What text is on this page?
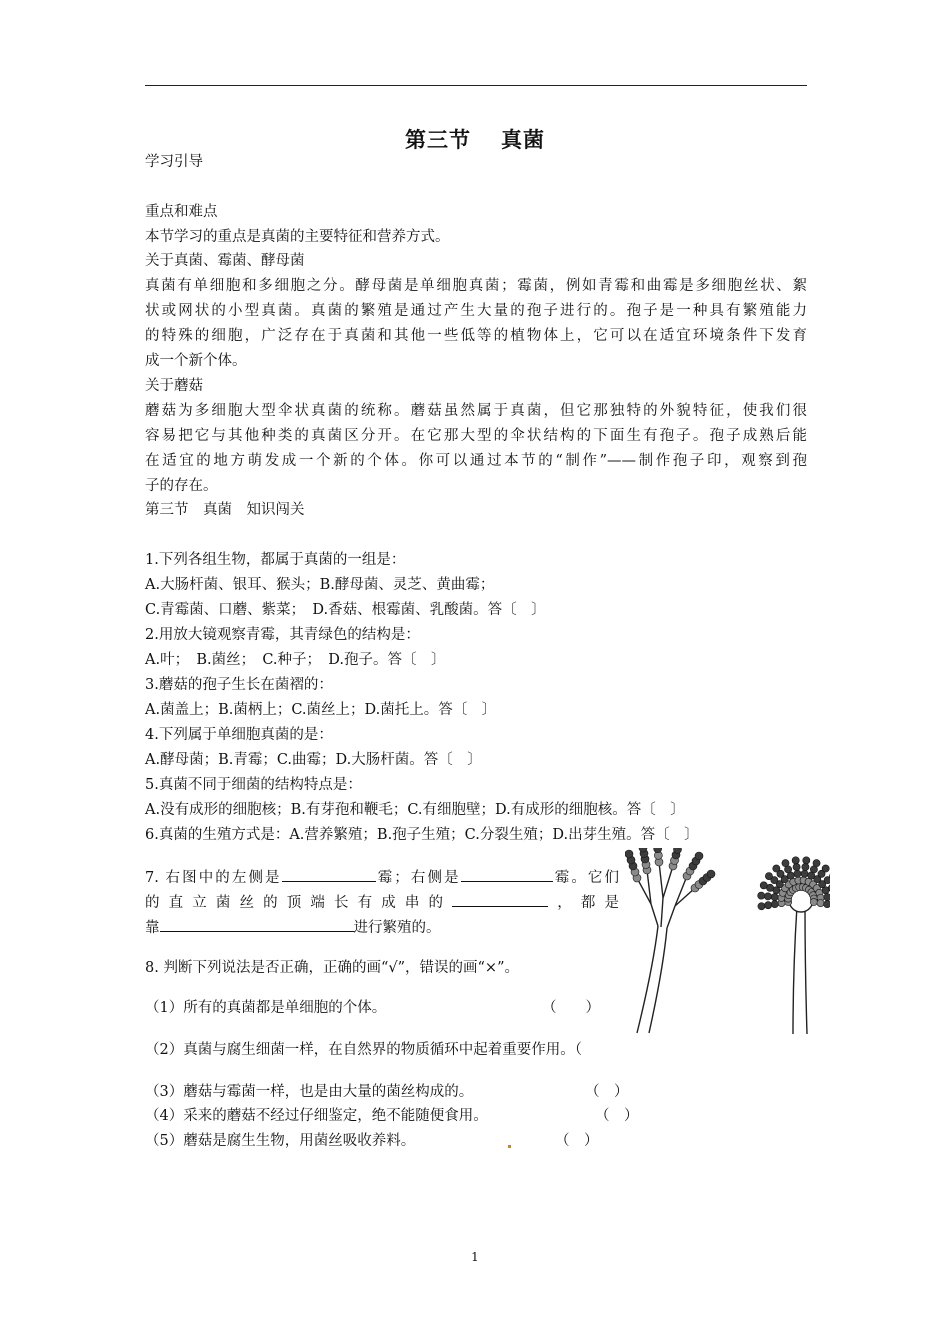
第三节 真菌
学习引导
重点和难点
本节学习的重点是真菌的主要特征和营养方式。
关于真菌、霉菌、酵母菌
真菌有单细胞和多细胞之分。酵母菌是单细胞真菌；霉菌，例如青霉和曲霉是多细胞丝状、絮
状或网状的小型真菌。真菌的繁殖是通过产生大量的孢子进行的。孢子是一种具有繁殖能力
的特殊的细胞，广泛存在于真菌和其他一些低等的植物体上，它可以在适宜环境条件下发育
成一个新个体。
关于蘑菇
蘑菇为多细胞大型伞状真菌的统称。蘑菇虽然属于真菌，但它那独特的外貌特征，使我们很
容易把它与其他种类的真菌区分开。在它那大型的伞状结构的下面生有孢子。孢子成熟后能
在适宜的地方萌发成一个新的个体。你可以通过本节的“制作”——制作孢子印，观察到孢
子的存在。
第三节　真菌　知识闯关
1.下列各组生物，都属于真菌的一组是：
A.大肠杆菌、银耳、猴头；B.酵母菌、灵芝、黄曲霉；
C.青霉菌、口蘑、紫菜；　D.香菇、根霉菌、乳酸菌。答〔　〕
2.用放大镜观察青霉，其青绿色的结构是：
A.叶；　B.菌丝；　C.种子；　D.孢子。答〔　〕
3.蘑菇的孢子生长在菌褶的：
A.菌盖上；B.菌柄上；C.菌丝上；D.菌托上。答〔　〕
4.下列属于单细胞真菌的是：
A.酵母菌；B.青霉；C.曲霉；D.大肠杆菌。答〔　〕
5.真菌不同于细菌的结构特点是：
A.没有成形的细胞核；B.有芽孢和鞭毛；C.有细胞壁；D.有成形的细胞核。答〔　〕
6.真菌的生殖方式是：A.营养繁殖；B.孢子生殖；C.分裂生殖；D.出芽生殖。答〔　〕
7. 右图中的左侧是	霉；右侧是	霉。它们
的直立菌丝的顶端长有成串的	，都是
靠	进行繁殖的。
8. 判断下列说法是否正确，正确的画“√”，错误的画“×”。
（1）所有的真菌都是单细胞的个体。	（　　）
（2）真菌与腐生细菌一样，在自然界的物质循环中起着重要作用。（
（3）蘑菇与霉菌一样，也是由大量的菌丝构成的。	（　）
（4）采来的蘑菇不经过仔细鉴定，绝不能随便食用。	（　）
（5）蘑菇是腐生生物，用菌丝吸收养料。	（　）
1
